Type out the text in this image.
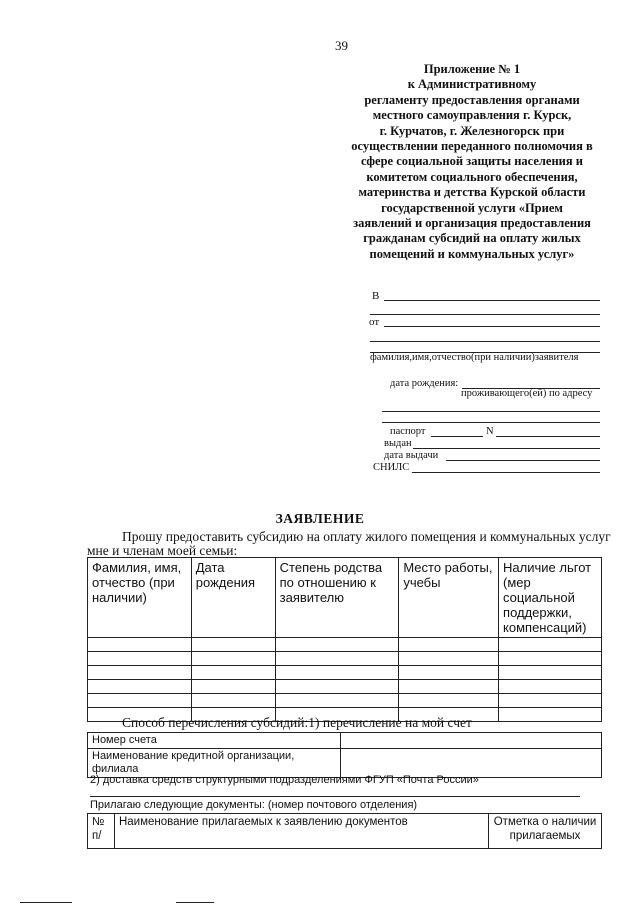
39
Приложение № 1
к Административному
регламенту предоставления органами
местного самоуправления г. Курск,
г. Курчатов, г. Железногорск при
осуществлении переданного полномочия в
сфере социальной защиты населения и
комитетом социального обеспечения,
материнства и детства Курской области
государственной услуги «Прием
заявлений и организация предоставления
гражданам субсидий на оплату жилых
помещений и коммунальных услуг»
В
от
фамилия,имя,отчество(при наличии)заявителя
дата рождения:
проживающего(ей) по адресу
паспорт	N
выдан
дата выдачи
СНИЛС
ЗАЯВЛЕНИЕ
Прошу предоставить субсидию на оплату жилого помещения и коммунальных услуг
мне и членам моей семьи:
Фамилия, имя, отчество (при наличии)	Дата рождения	Степень родства по отношению к заявителю	Место работы, учебы	Наличие льгот (мер социальной поддержки, компенсаций)

Способ перечисления субсидий:1) перечисление на мой счет
Номер счета	
Наименование кредитной организации, филиала	
2) доставка средств структурными подразделениями ФГУП «Почта России»
Прилагаю следующие документы: (номер почтового отделения)
№ п/	Наименование прилагаемых к заявлению документов	Отметка о наличии прилагаемых
